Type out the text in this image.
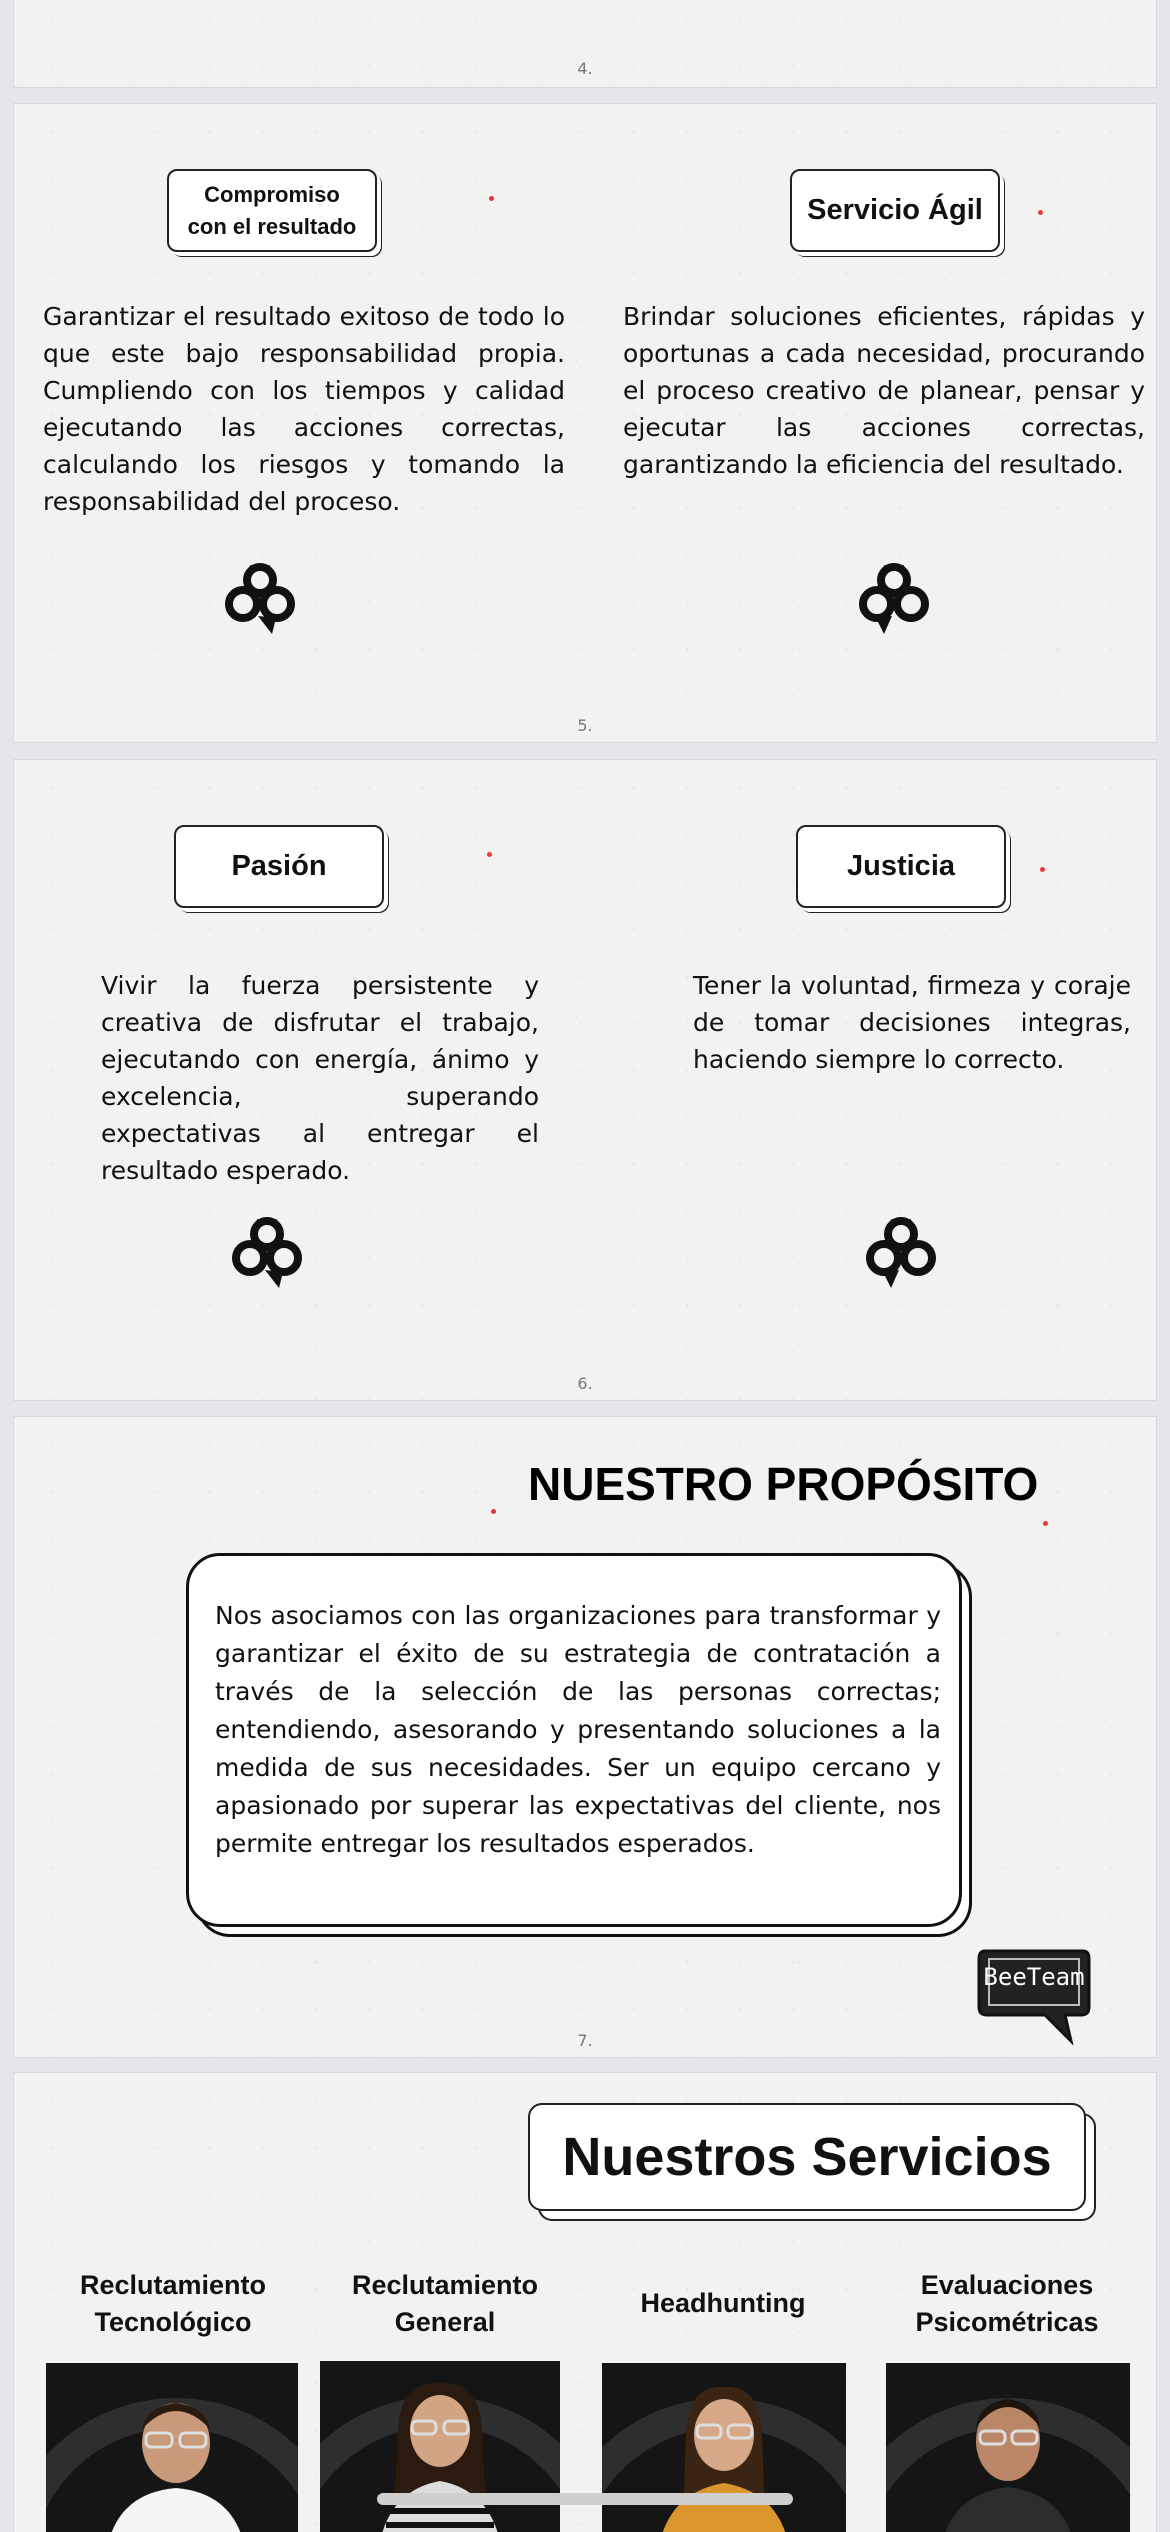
4.
Compromiso
con el resultado	Servicio Ágil
Garantizar el resultado exitoso de todo lo que este bajo responsabilidad propia. Cumpliendo con los tiempos y calidad ejecutando las acciones correctas, calculando los riesgos y tomando la responsabilidad del proceso.
Brindar soluciones eficientes, rápidas y oportunas a cada necesidad, procurando el proceso creativo de planear, pensar y ejecutar las acciones correctas, garantizando la eficiencia del resultado.
5.
Pasión	Justicia
Vivir la fuerza persistente y creativa de disfrutar el trabajo, ejecutando con energía, ánimo y excelencia, superando expectativas al entregar el resultado esperado.
Tener la voluntad, firmeza y coraje de tomar decisiones integras, haciendo siempre lo correcto.
6.
NUESTRO PROPÓSITO
Nos asociamos con las organizaciones para transformar y garantizar el éxito de su estrategia de contratación a través de la selección de las personas correctas; entendiendo, asesorando y presentando soluciones a la medida de sus necesidades. Ser un equipo cercano y apasionado por superar las expectativas del cliente, nos permite entregar los resultados esperados.
BeeTeam
7.
Nuestros Servicios
Reclutamiento
Tecnológico
Reclutamiento
General
Headhunting
Evaluaciones
Psicométricas
